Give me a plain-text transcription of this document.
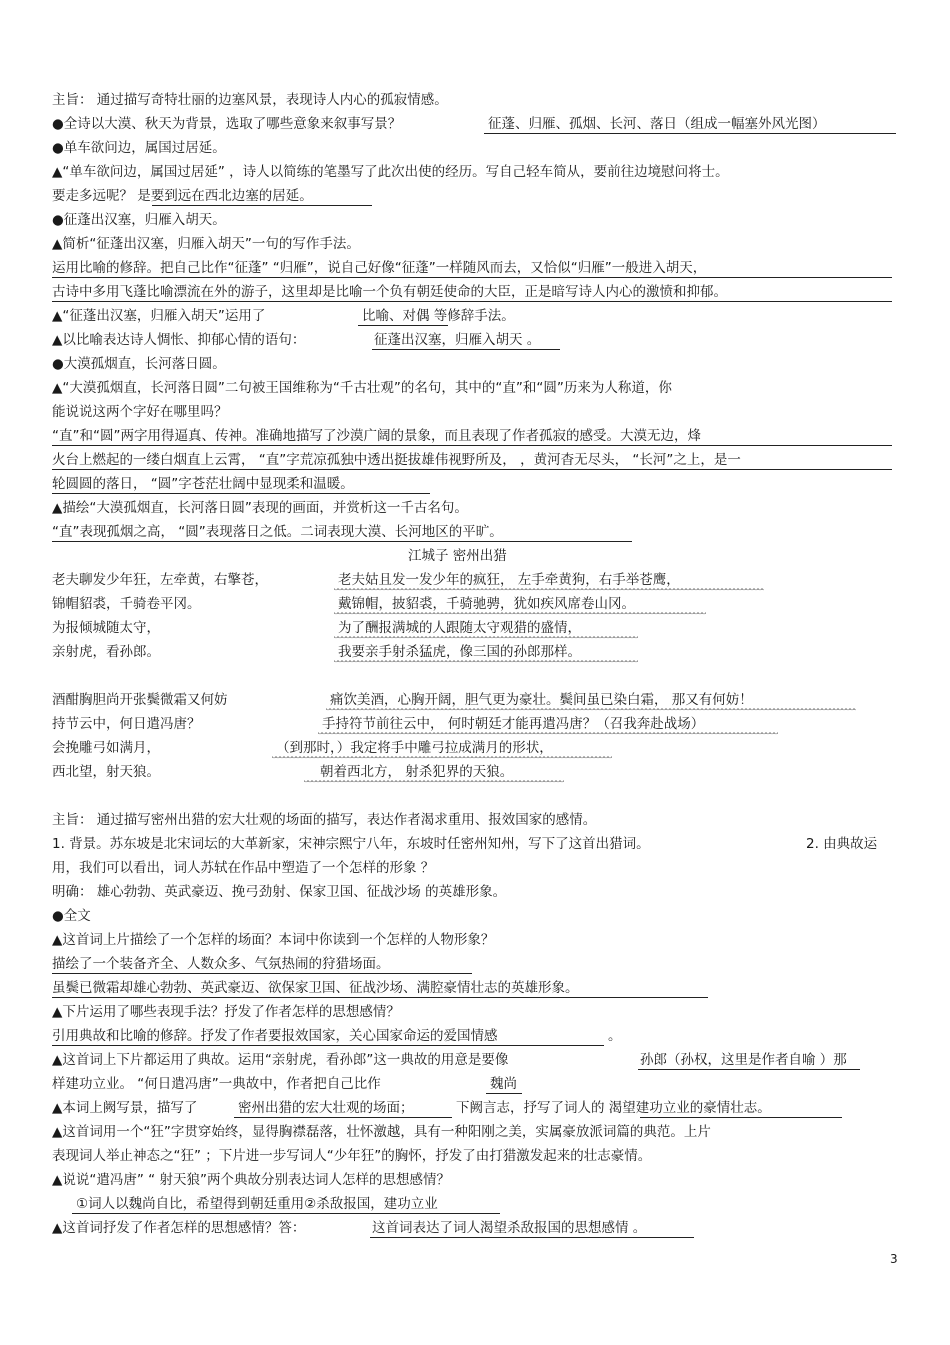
主旨： 通过描写奇特壮丽的边塞风景，表现诗人内心的孤寂情感。
●全诗以大漠、秋天为背景，选取了哪些意象来叙事写景？	征蓬、归雁、孤烟、长河、落日（组成一幅塞外风光图）
●单车欲问边，属国过居延。
▲“单车欲问边，属国过居延” ，诗人以简练的笔墨写了此次出使的经历。写自己轻车简从，要前往边境慰问将士。
要走多远呢？ 是要到远在西北边塞的居延。
●征蓬出汉塞，归雁入胡天。
▲简析“征蓬出汉塞，归雁入胡天”一句的写作手法。
运用比喻的修辞。把自己比作“征蓬” “归雁”，说自己好像“征蓬”一样随风而去，又恰似“归雁”一般进入胡天，
古诗中多用飞蓬比喻漂流在外的游子，这里却是比喻一个负有朝廷使命的大臣，正是暗写诗人内心的激愤和抑郁。
▲“征蓬出汉塞，归雁入胡天”运用了	比喻、对偶 等修辞手法。
▲以比喻表达诗人惆怅、抑郁心情的语句：	征蓬出汉塞，归雁入胡天 。
●大漠孤烟直，长河落日圆。
▲“大漠孤烟直，长河落日圆”二句被王国维称为“千古壮观”的名句，其中的“直”和“圆”历来为人称道，你
能说说这两个字好在哪里吗？
“直”和“圆”两字用得逼真、传神。准确地描写了沙漠广阔的景象，而且表现了作者孤寂的感受。大漠无边，烽
火台上燃起的一缕白烟直上云霄， “直”字荒凉孤独中透出挺拔雄伟视野所及， ，黄河杳无尽头， “长河”之上，是一
轮圆圆的落日， “圆”字苍茫壮阔中显现柔和温暖。
▲描绘“大漠孤烟直，长河落日圆”表现的画面，并赏析这一千古名句。
“直”表现孤烟之高， “圆”表现落日之低。二词表现大漠、长河地区的平旷。
江城子 密州出猎
老夫聊发少年狂，左牵黄，右擎苍，	老夫姑且发一发少年的疯狂， 左手牵黄狗，右手举苍鹰，
锦帽貂裘，千骑卷平冈。	戴锦帽，披貂裘，千骑驰骋，犹如疾风席卷山冈。
为报倾城随太守，	为了酬报满城的人跟随太守观猎的盛情，
亲射虎，看孙郎。	我要亲手射杀猛虎，像三国的孙郎那样。
酒酣胸胆尚开张鬓微霜又何妨	痛饮美酒，心胸开阔，胆气更为豪壮。鬓间虽已染白霜， 那又有何妨！
持节云中，何日遣冯唐？	手持符节前往云中， 何时朝廷才能再遣冯唐？（召我奔赴战场）
会挽雕弓如满月，	（到那时，）我定将手中雕弓拉成满月的形状，
西北望，射天狼。	朝着西北方， 射杀犯界的天狼。
主旨： 通过描写密州出猎的宏大壮观的场面的描写，表达作者渴求重用、报效国家的感情。
1. 背景。苏东坡是北宋词坛的大革新家，宋神宗熙宁八年，东坡时任密州知州，写下了这首出猎词。	2. 由典故运
用，我们可以看出，词人苏轼在作品中塑造了一个怎样的形象 ？
明确： 雄心勃勃、英武豪迈、挽弓劲射、保家卫国、征战沙场 的英雄形象。
●全文
▲这首词上片描绘了一个怎样的场面？本词中你读到一个怎样的人物形象？
描绘了一个装备齐全、人数众多、气氛热闹的狩猎场面。
虽鬓已微霜却雄心勃勃、英武豪迈、欲保家卫国、征战沙场、满腔豪情壮志的英雄形象。
▲下片运用了哪些表现手法？抒发了作者怎样的思想感情？
引用典故和比喻的修辞。抒发了作者要报效国家，关心国家命运的爱国情感	。
▲这首词上下片都运用了典故。运用“亲射虎，看孙郎”这一典故的用意是要像	孙郎（孙权，这里是作者自喻 ）那
样建功立业。 “何日遣冯唐”一典故中，作者把自己比作	魏尚
▲本词上阙写景，描写了	密州出猎的宏大壮观的场面；	下阙言志，抒写了词人的 渴望建功立业的豪情壮志。
▲这首词用一个“狂”字贯穿始终，显得胸襟磊落，壮怀激越，具有一种阳刚之美，实属豪放派词篇的典范。上片
表现词人举止神态之“狂” ；下片进一步写词人“少年狂”的胸怀，抒发了由打猎激发起来的壮志豪情。
▲说说“遣冯唐” “ 射天狼”两个典故分别表达词人怎样的思想感情？
①词人以魏尚自比，希望得到朝廷重用②杀敌报国，建功立业
▲这首词抒发了作者怎样的思想感情？答：	这首词表达了词人渴望杀敌报国的思想感情 。
3
